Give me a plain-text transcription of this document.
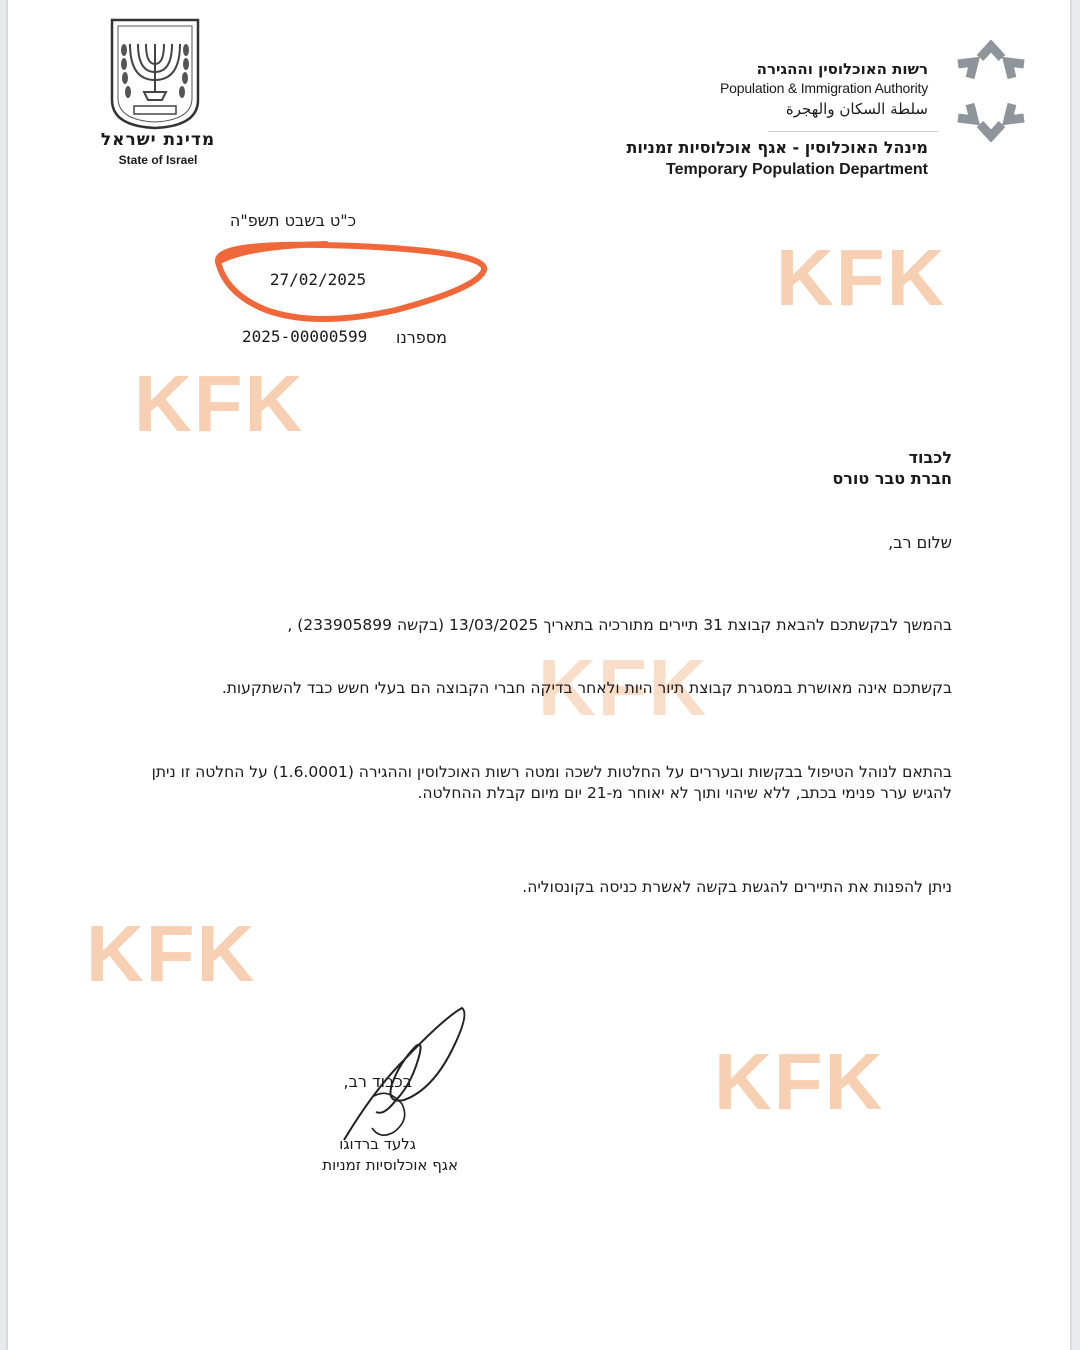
מדינת ישראל
State of Israel
רשות האוכלוסין וההגירה
Population & Immigration Authority
سلطة السكان والهجرة
מינהל האוכלוסין - אגף אוכלוסיות זמניות
Temporary Population Department
כ"ט בשבט תשפ"ה
27/02/2025
2025-00000599 מספרנו
KFK
KFK
KFK
KFK
KFK
לכבוד
חברת טבר טורס
שלום רב,
בהמשך לבקשתכם להבאת קבוצת 31 תיירים מתורכיה בתאריך 13/03/2025 (בקשה 233905899) ,
בקשתכם אינה מאושרת במסגרת קבוצת תיור היות ולאחר בדיקה חברי הקבוצה הם בעלי חשש כבד להשתקעות.
בהתאם לנוהל הטיפול בבקשות ובעררים על החלטות לשכה ומטה רשות האוכלוסין וההגירה (1.6.0001) על החלטה זו ניתן להגיש ערר פנימי בכתב, ללא שיהוי ותוך לא יאוחר מ-21 יום מיום קבלת ההחלטה.
ניתן להפנות את התיירים להגשת בקשה לאשרת כניסה בקונסוליה.
בכבוד רב,
גלעד ברדוגו
אגף אוכלוסיות זמניות
